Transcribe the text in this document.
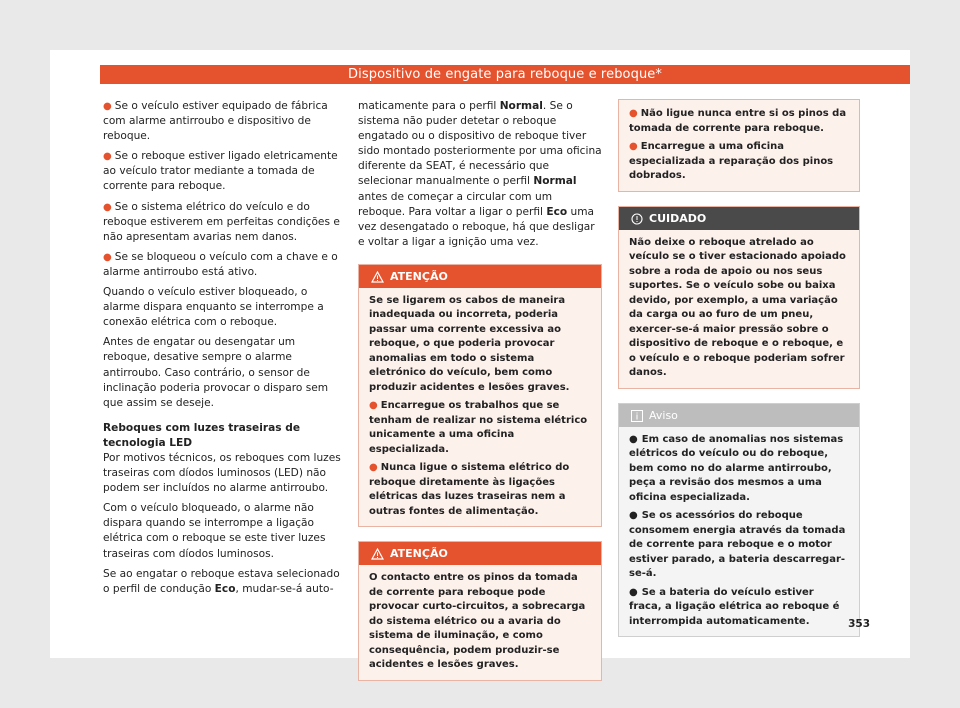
Dispositivo de engate para reboque e reboque*

● Se o veículo estiver equipado de fábrica com alarme antirroubo e dispositivo de reboque.

● Se o reboque estiver ligado eletricamente ao veículo trator mediante a tomada de corrente para reboque.

● Se o sistema elétrico do veículo e do reboque estiverem em perfeitas condições e não apresentam avarias nem danos.

● Se se bloqueou o veículo com a chave e o alarme antirroubo está ativo.

Quando o veículo estiver bloqueado, o alarme dispara enquanto se interrompe a conexão elétrica com o reboque.

Antes de engatar ou desengatar um reboque, desative sempre o alarme antirroubo. Caso contrário, o sensor de inclinação poderia provocar o disparo sem que assim se deseje.

Reboques com luzes traseiras de tecnologia LED

Por motivos técnicos, os reboques com luzes traseiras com díodos luminosos (LED) não podem ser incluídos no alarme antirroubo.

Com o veículo bloqueado, o alarme não dispara quando se interrompe a ligação elétrica com o reboque se este tiver luzes traseiras com díodos luminosos.

Se ao engatar o reboque estava selecionado o perfil de condução Eco, mudar-se-á auto-

maticamente para o perfil Normal. Se o sistema não puder detetar o reboque engatado ou o dispositivo de reboque tiver sido montado posteriormente por uma oficina diferente da SEAT, é necessário que selecionar manualmente o perfil Normal antes de começar a circular com um reboque. Para voltar a ligar o perfil Eco uma vez desengatado o reboque, há que desligar e voltar a ligar a ignição uma vez.

ATENÇÃO

Se se ligarem os cabos de maneira inadequada ou incorreta, poderia passar uma corrente excessiva ao reboque, o que poderia provocar anomalias em todo o sistema eletrónico do veículo, bem como produzir acidentes e lesões graves.

● Encarregue os trabalhos que se tenham de realizar no sistema elétrico unicamente a uma oficina especializada.

● Nunca ligue o sistema elétrico do reboque diretamente às ligações elétricas das luzes traseiras nem a outras fontes de alimentação.

ATENÇÃO

O contacto entre os pinos da tomada de corrente para reboque pode provocar curto-circuitos, a sobrecarga do sistema elétrico ou a avaria do sistema de iluminação, e como consequência, podem produzir-se acidentes e lesões graves.

● Não ligue nunca entre si os pinos da tomada de corrente para reboque.

● Encarregue a uma oficina especializada a reparação dos pinos dobrados.

CUIDADO

Não deixe o reboque atrelado ao veículo se o tiver estacionado apoiado sobre a roda de apoio ou nos seus suportes. Se o veículo sobe ou baixa devido, por exemplo, a uma variação da carga ou ao furo de um pneu, exercer-se-á maior pressão sobre o dispositivo de reboque e o reboque, e o veículo e o reboque poderiam sofrer danos.

Aviso

● Em caso de anomalias nos sistemas elétricos do veículo ou do reboque, bem como no do alarme antirroubo, peça a revisão dos mesmos a uma oficina especializada.

● Se os acessórios do reboque consomem energia através da tomada de corrente para reboque e o motor estiver parado, a bateria descarregar-se-á.

● Se a bateria do veículo estiver fraca, a ligação elétrica ao reboque é interrompida automaticamente.	353
